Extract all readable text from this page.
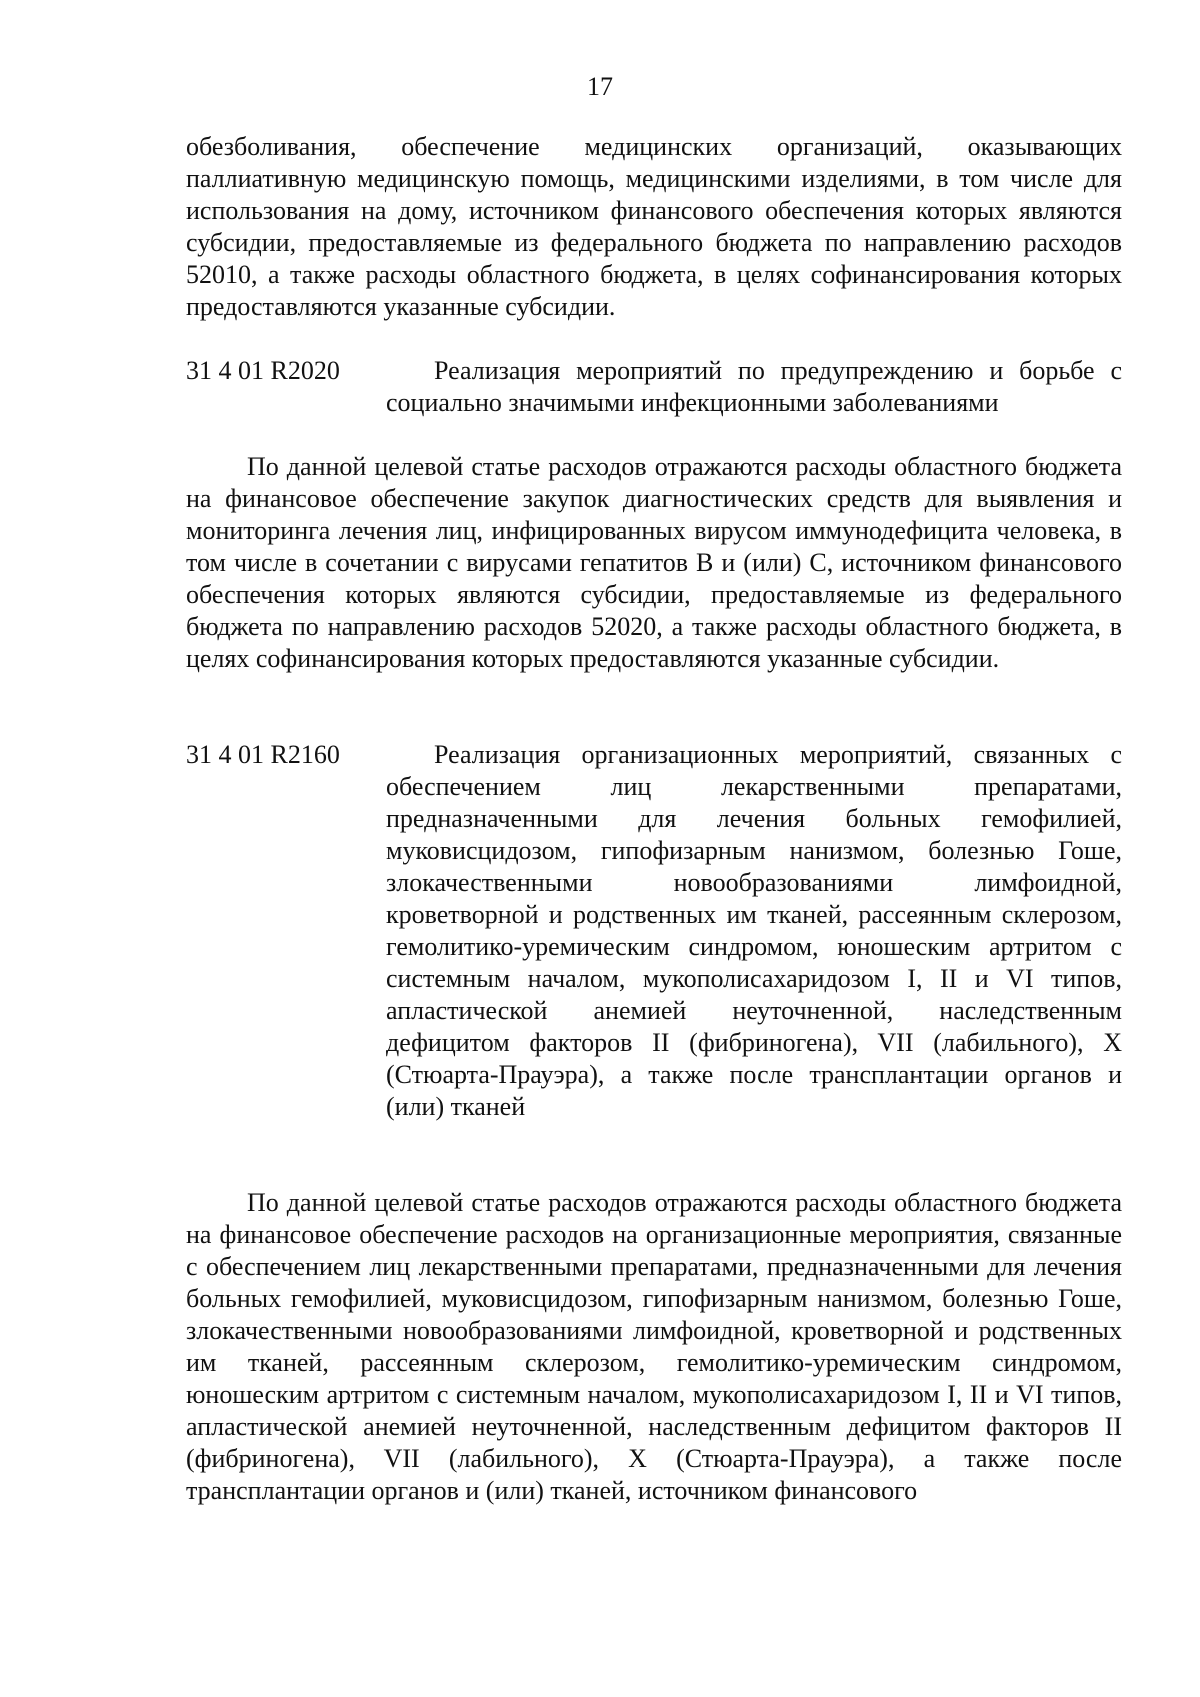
17

обезболивания, обеспечение медицинских организаций, оказывающих паллиативную медицинскую помощь, медицинскими изделиями, в том числе для использования на дому, источником финансового обеспечения которых являются субсидии, предоставляемые из федерального бюджета по направлению расходов 52010, а также расходы областного бюджета, в целях софинансирования которых предоставляются указанные субсидии.

31 4 01 R2020	Реализация мероприятий по предупреждению и борьбе с социально значимыми инфекционными заболеваниями

По данной целевой статье расходов отражаются расходы областного бюджета на финансовое обеспечение закупок диагностических средств для выявления и мониторинга лечения лиц, инфицированных вирусом иммунодефицита человека, в том числе в сочетании с вирусами гепатитов B и (или) C, источником финансового обеспечения которых являются субсидии, предоставляемые из федерального бюджета по направлению расходов 52020, а также расходы областного бюджета, в целях софинансирования которых предоставляются указанные субсидии.

31 4 01 R2160	Реализация организационных мероприятий, связанных с обеспечением лиц лекарственными препаратами, предназначенными для лечения больных гемофилией, муковисцидозом, гипофизарным нанизмом, болезнью Гоше, злокачественными новообразованиями лимфоидной, кроветворной и родственных им тканей, рассеянным склерозом, гемолитико-уремическим синдромом, юношеским артритом с системным началом, мукополисахаридозом I, II и VI типов, апластической анемией неуточненной, наследственным дефицитом факторов II (фибриногена), VII (лабильного), X (Стюарта-Прауэра), а также после трансплантации органов и (или) тканей

По данной целевой статье расходов отражаются расходы областного бюджета на финансовое обеспечение расходов на организационные мероприятия, связанные с обеспечением лиц лекарственными препаратами, предназначенными для лечения больных гемофилией, муковисцидозом, гипофизарным нанизмом, болезнью Гоше, злокачественными новообразованиями лимфоидной, кроветворной и родственных им тканей, рассеянным склерозом, гемолитико-уремическим синдромом, юношеским артритом с системным началом, мукополисахаридозом I, II и VI типов, апластической анемией неуточненной, наследственным дефицитом факторов II (фибриногена), VII (лабильного), X (Стюарта-Прауэра), а также после трансплантации органов и (или) тканей, источником финансового
